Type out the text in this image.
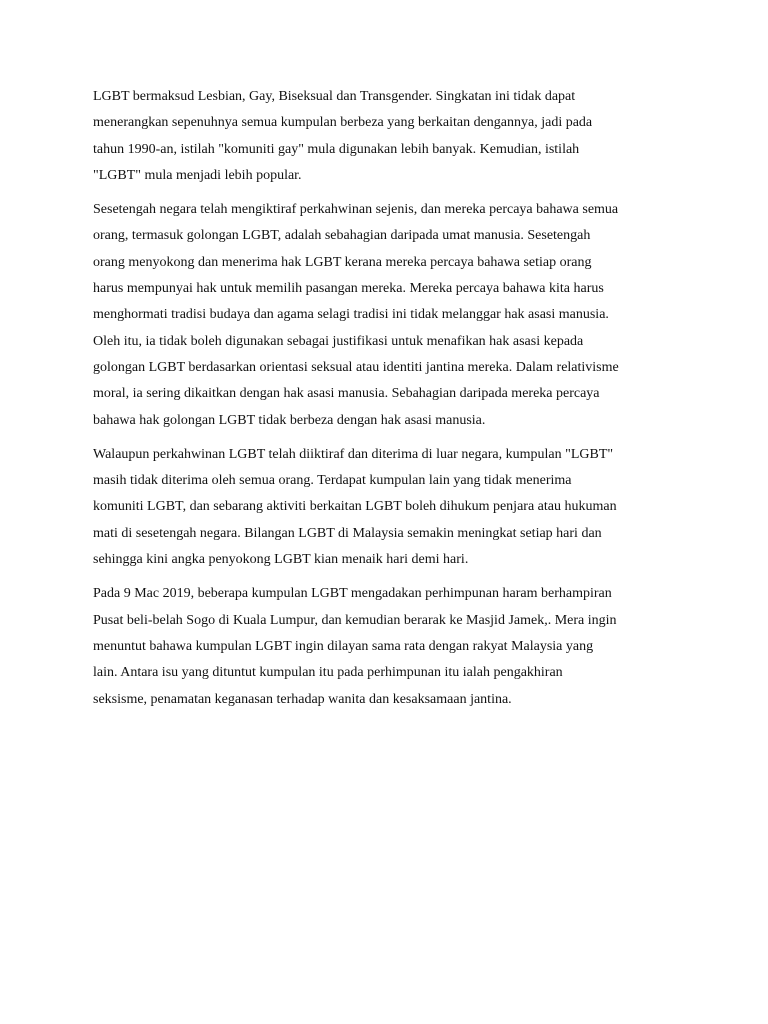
LGBT bermaksud Lesbian, Gay, Biseksual dan Transgender. Singkatan ini tidak dapat
menerangkan sepenuhnya semua kumpulan berbeza yang berkaitan dengannya, jadi pada
tahun 1990-an, istilah "komuniti gay" mula digunakan lebih banyak. Kemudian, istilah
"LGBT" mula menjadi lebih popular.

Sesetengah negara telah mengiktiraf perkahwinan sejenis, dan mereka percaya bahawa semua
orang, termasuk golongan LGBT, adalah sebahagian daripada umat manusia. Sesetengah
orang menyokong dan menerima hak LGBT kerana mereka percaya bahawa setiap orang
harus mempunyai hak untuk memilih pasangan mereka. Mereka percaya bahawa kita harus
menghormati tradisi budaya dan agama selagi tradisi ini tidak melanggar hak asasi manusia.
Oleh itu, ia tidak boleh digunakan sebagai justifikasi untuk menafikan hak asasi kepada
golongan LGBT berdasarkan orientasi seksual atau identiti jantina mereka. Dalam relativisme
moral, ia sering dikaitkan dengan hak asasi manusia. Sebahagian daripada mereka percaya
bahawa hak golongan LGBT tidak berbeza dengan hak asasi manusia.

Walaupun perkahwinan LGBT telah diiktiraf dan diterima di luar negara, kumpulan "LGBT"
masih tidak diterima oleh semua orang. Terdapat kumpulan lain yang tidak menerima
komuniti LGBT, dan sebarang aktiviti berkaitan LGBT boleh dihukum penjara atau hukuman
mati di sesetengah negara. Bilangan LGBT di Malaysia semakin meningkat setiap hari dan
sehingga kini angka penyokong LGBT kian menaik hari demi hari.

Pada 9 Mac 2019, beberapa kumpulan LGBT mengadakan perhimpunan haram berhampiran
Pusat beli-belah Sogo di Kuala Lumpur, dan kemudian berarak ke Masjid Jamek,. Mera ingin
menuntut bahawa kumpulan LGBT ingin dilayan sama rata dengan rakyat Malaysia yang
lain. Antara isu yang dituntut kumpulan itu pada perhimpunan itu ialah pengakhiran
seksisme, penamatan keganasan terhadap wanita dan kesaksamaan jantina.
